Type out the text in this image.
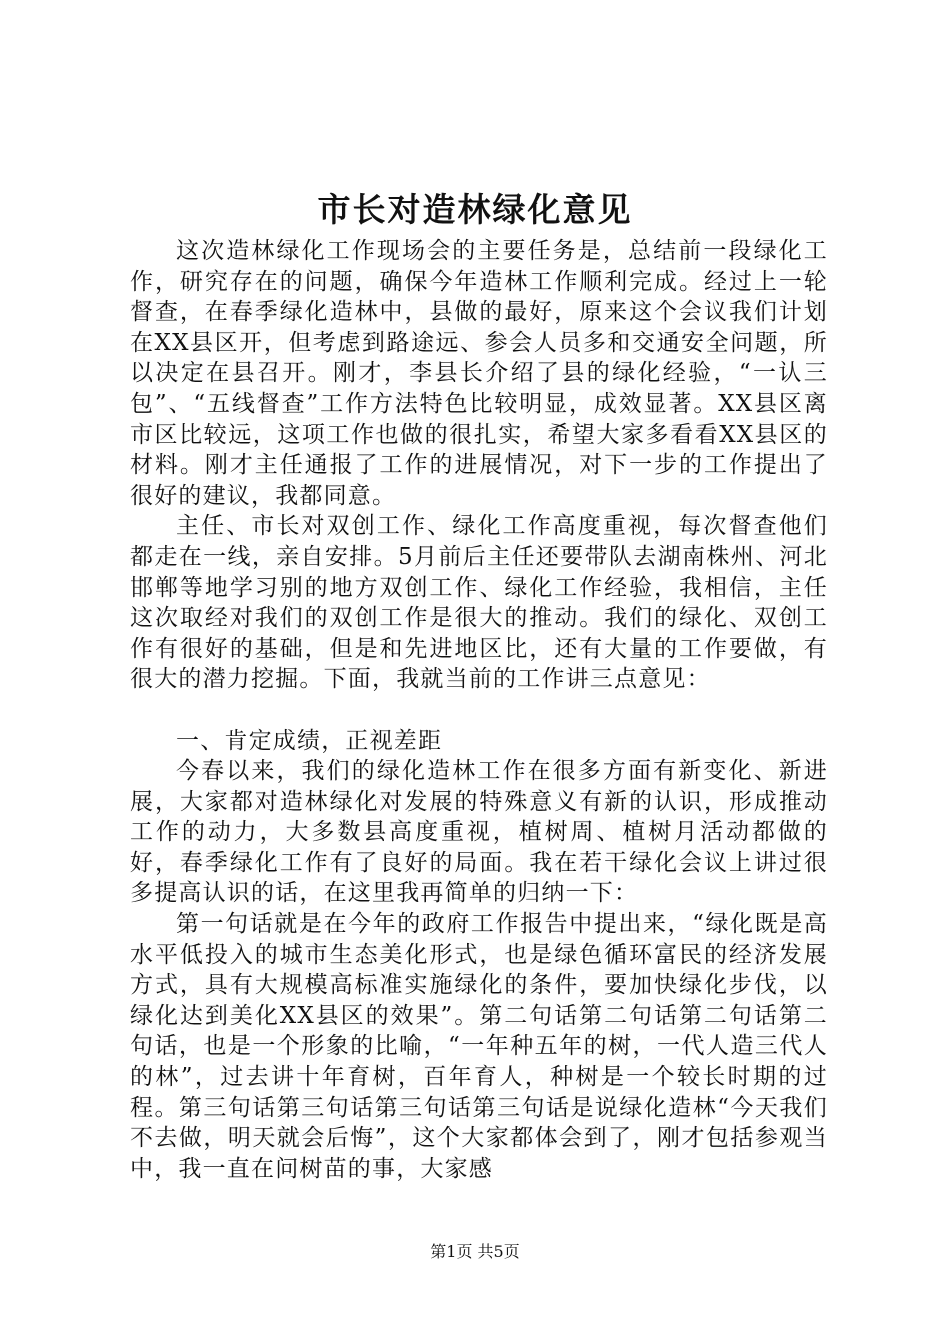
市长对造林绿化意见

这次造林绿化工作现场会的主要任务是，总结前一段绿化工作，研究存在的问题，确保今年造林工作顺利完成。经过上一轮督查，在春季绿化造林中，县做的最好，原来这个会议我们计划在XX县区开，但考虑到路途远、参会人员多和交通安全问题，所以决定在县召开。刚才，李县长介绍了县的绿化经验，“一认三包”、“五线督查”工作方法特色比较明显，成效显著。XX县区离市区比较远，这项工作也做的很扎实，希望大家多看看XX县区的材料。刚才主任通报了工作的进展情况，对下一步的工作提出了很好的建议，我都同意。

主任、市长对双创工作、绿化工作高度重视，每次督查他们都走在一线，亲自安排。5月前后主任还要带队去湖南株州、河北邯郸等地学习别的地方双创工作、绿化工作经验，我相信，主任这次取经对我们的双创工作是很大的推动。我们的绿化、双创工作有很好的基础，但是和先进地区比，还有大量的工作要做，有很大的潜力挖掘。下面，我就当前的工作讲三点意见：

一、肯定成绩，正视差距

今春以来，我们的绿化造林工作在很多方面有新变化、新进展，大家都对造林绿化对发展的特殊意义有新的认识，形成推动工作的动力，大多数县高度重视，植树周、植树月活动都做的好，春季绿化工作有了良好的局面。我在若干绿化会议上讲过很多提高认识的话，在这里我再简单的归纳一下：

第一句话就是在今年的政府工作报告中提出来，“绿化既是高水平低投入的城市生态美化形式，也是绿色循环富民的经济发展方式，具有大规模高标准实施绿化的条件，要加快绿化步伐，以绿化达到美化XX县区的效果”。第二句话第二句话第二句话第二句话，也是一个形象的比喻，“一年种五年的树，一代人造三代人的林”，过去讲十年育树，百年育人，种树是一个较长时期的过程。第三句话第三句话第三句话第三句话是说绿化造林“今天我们不去做，明天就会后悔”，这个大家都体会到了，刚才包括参观当中，我一直在问树苗的事，大家感

第1页 共5页
